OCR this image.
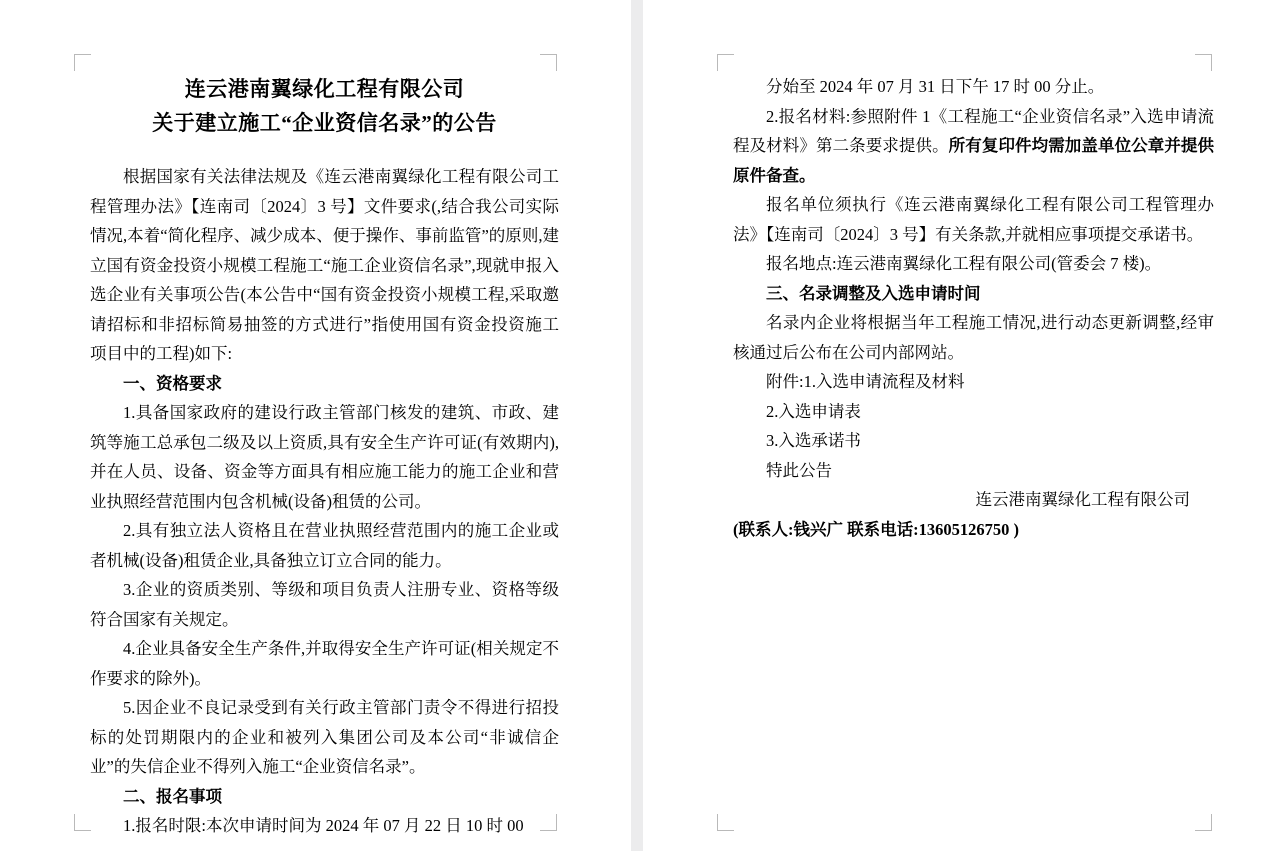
连云港南翼绿化工程有限公司
关于建立施工“企业资信名录”的公告

根据国家有关法律法规及《连云港南翼绿化工程有限公司工程管理办法》【连南司〔2024〕3 号】文件要求(,结合我公司实际情况,本着“简化程序、减少成本、便于操作、事前监管”的原则,建立国有资金投资小规模工程施工“施工企业资信名录”,现就申报入选企业有关事项公告(本公告中“国有资金投资小规模工程,采取邀请招标和非招标简易抽签的方式进行”指使用国有资金投资施工项目中的工程)如下:

一、资格要求

1.具备国家政府的建设行政主管部门核发的建筑、市政、建筑等施工总承包二级及以上资质,具有安全生产许可证(有效期内),并在人员、设备、资金等方面具有相应施工能力的施工企业和营业执照经营范围内包含机械(设备)租赁的公司。

2.具有独立法人资格且在营业执照经营范围内的施工企业或者机械(设备)租赁企业,具备独立订立合同的能力。

3.企业的资质类别、等级和项目负责人注册专业、资格等级符合国家有关规定。

4.企业具备安全生产条件,并取得安全生产许可证(相关规定不作要求的除外)。

5.因企业不良记录受到有关行政主管部门责令不得进行招投标的处罚期限内的企业和被列入集团公司及本公司“非诚信企业”的失信企业不得列入施工“企业资信名录”。

二、报名事项

1.报名时限:本次申请时间为 2024 年 07 月 22 日 10 时 00

分始至 2024 年 07 月 31 日下午 17 时 00 分止。

2.报名材料:参照附件 1《工程施工“企业资信名录”入选申请流程及材料》第二条要求提供。所有复印件均需加盖单位公章并提供原件备查。

报名单位须执行《连云港南翼绿化工程有限公司工程管理办法》【连南司〔2024〕3 号】有关条款,并就相应事项提交承诺书。

报名地点:连云港南翼绿化工程有限公司(管委会 7 楼)。

三、名录调整及入选申请时间

名录内企业将根据当年工程施工情况,进行动态更新调整,经审核通过后公布在公司内部网站。

附件:1.入选申请流程及材料

2.入选申请表

3.入选承诺书

特此公告

连云港南翼绿化工程有限公司

(联系人:钱兴广 联系电话:13605126750 )
